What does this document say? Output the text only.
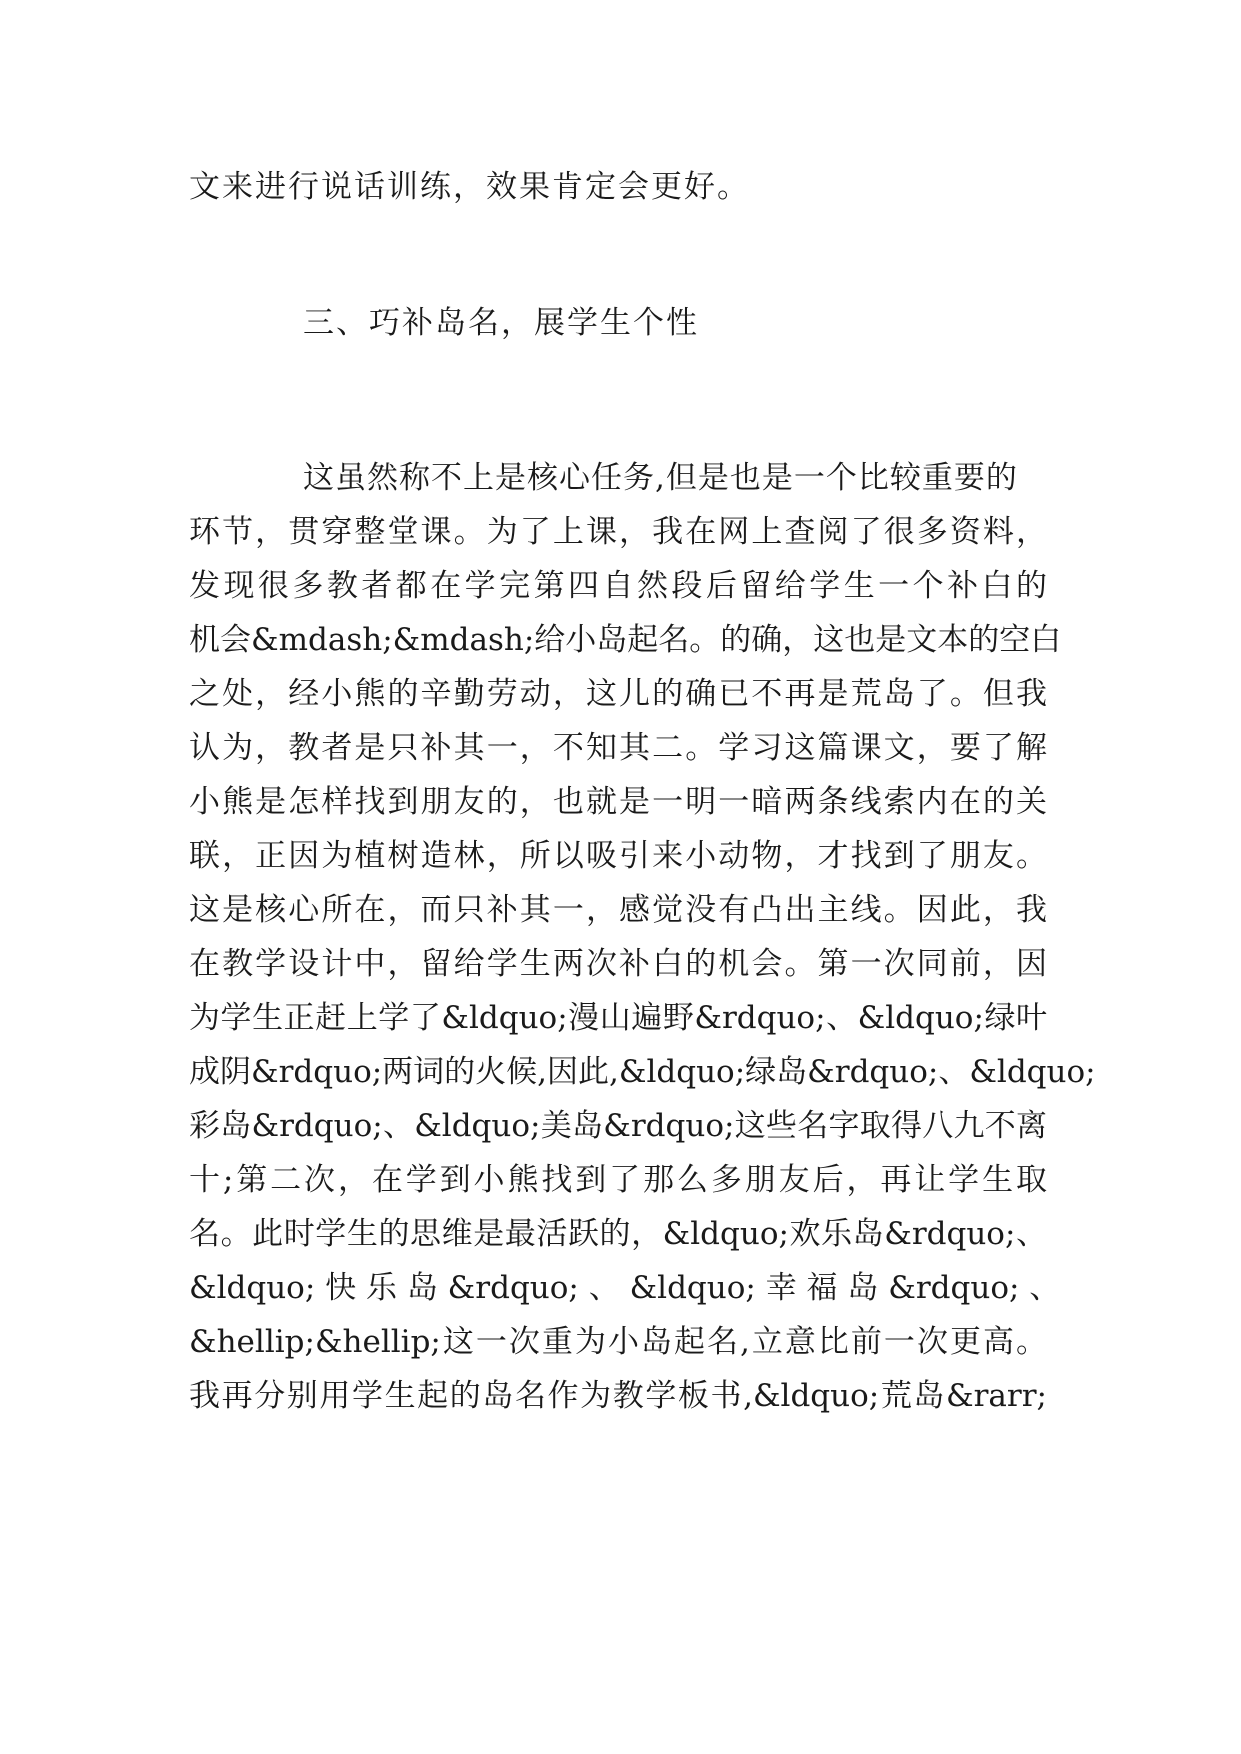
文来进行说话训练，效果肯定会更好。

三、巧补岛名，展学生个性

这虽然称不上是核心任务,但是也是一个比较重要的

环节，贯穿整堂课。为了上课，我在网上查阅了很多资料，

发现很多教者都在学完第四自然段后留给学生一个补白的

机会&mdash;&mdash;给小岛起名。的确，这也是文本的空白

之处，经小熊的辛勤劳动，这儿的确已不再是荒岛了。但我

认为，教者是只补其一，不知其二。学习这篇课文，要了解

小熊是怎样找到朋友的，也就是一明一暗两条线索内在的关

联，正因为植树造林，所以吸引来小动物，才找到了朋友。

这是核心所在，而只补其一，感觉没有凸出主线。因此，我

在教学设计中，留给学生两次补白的机会。第一次同前，因

为学生正赶上学了&ldquo;漫山遍野&rdquo;、&ldquo;绿叶

成阴&rdquo;两词的火候,因此,&ldquo;绿岛&rdquo;、&ldquo;

彩岛&rdquo;、&ldquo;美岛&rdquo;这些名字取得八九不离

十;第二次，在学到小熊找到了那么多朋友后，再让学生取

名。此时学生的思维是最活跃的，&ldquo;欢乐岛&rdquo;、

&ldquo; 快 乐 岛 &rdquo; 、 &ldquo; 幸 福 岛 &rdquo; 、

&hellip;&hellip;这一次重为小岛起名,立意比前一次更高。

我再分别用学生起的岛名作为教学板书,&ldquo;荒岛&rarr;
